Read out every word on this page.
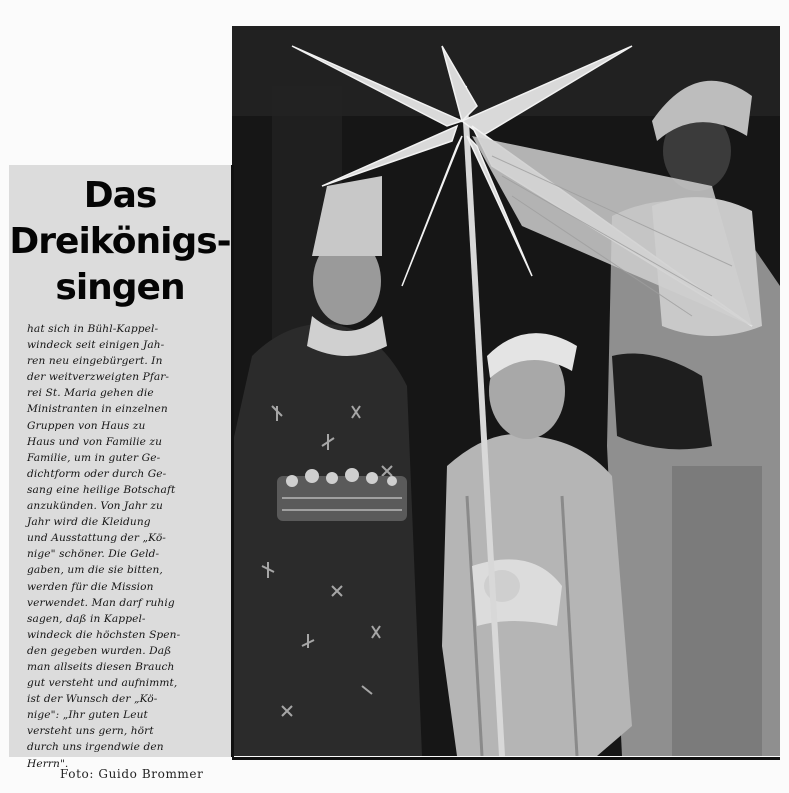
Das
Dreikönigs-
singen
hat sich in Bühl-Kappel-
windeck seit einigen Jah-
ren neu eingebürgert. In
der weitverzweigten Pfar-
rei St. Maria gehen die
Ministranten in einzelnen
Gruppen von Haus zu
Haus und von Familie zu
Familie, um in guter Ge-
dichtform oder durch Ge-
sang eine heilige Botschaft
anzukünden. Von Jahr zu
Jahr wird die Kleidung
und Ausstattung der „Kö-
nige" schöner. Die Geld-
gaben, um die sie bitten,
werden für die Mission
verwendet. Man darf ruhig
sagen, daß in Kappel-
windeck die höchsten Spen-
den gegeben wurden. Daß
man allseits diesen Brauch
gut versteht und aufnimmt,
ist der Wunsch der „Kö-
nige": „Ihr guten Leut
versteht uns gern, hört
durch uns irgendwie den
Herrn".
Foto: Guido Brommer
